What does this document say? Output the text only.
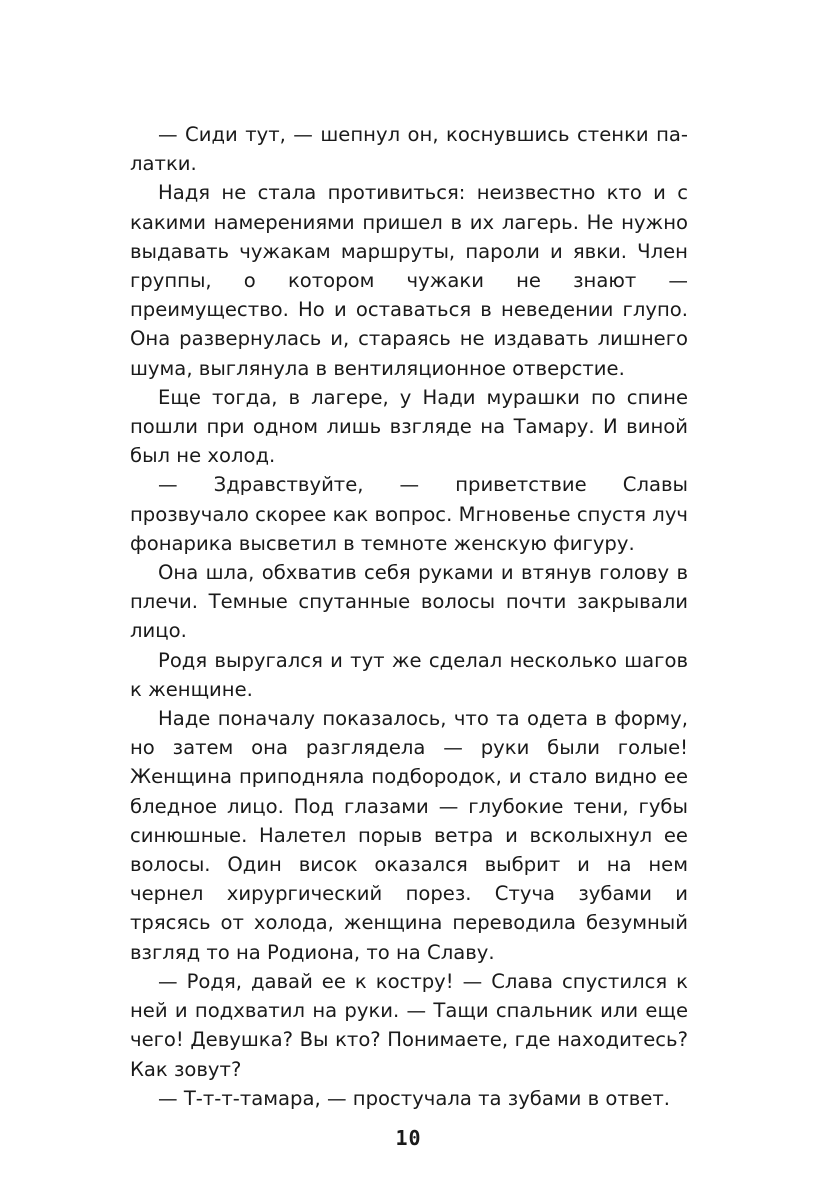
— Сиди тут, — шепнул он, коснувшись стенки палатки.

Надя не стала противиться: неизвестно кто и с какими намерениями пришел в их лагерь. Не нужно выдавать чужакам маршруты, пароли и явки. Член группы, о котором чужаки не знают — преимущество. Но и оставаться в неведении глупо. Она развернулась и, стараясь не издавать лишнего шума, выглянула в вентиляционное отверстие.

Еще тогда, в лагере, у Нади мурашки по спине пошли при одном лишь взгляде на Тамару. И виной был не холод.

— Здравствуйте, — приветствие Славы прозвучало скорее как вопрос. Мгновенье спустя луч фонарика высветил в темноте женскую фигуру.

Она шла, обхватив себя руками и втянув голову в плечи. Темные спутанные волосы почти закрывали лицо.

Родя выругался и тут же сделал несколько шагов к женщине.

Наде поначалу показалось, что та одета в форму, но затем она разглядела — руки были голые! Женщина приподняла подбородок, и стало видно ее бледное лицо. Под глазами — глубокие тени, губы синюшные. Налетел порыв ветра и всколыхнул ее волосы. Один висок оказался выбрит и на нем чернел хирургический порез. Стуча зубами и трясясь от холода, женщина переводила безумный взгляд то на Родиона, то на Славу.

— Родя, давай ее к костру! — Слава спустился к ней и подхватил на руки. — Тащи спальник или еще чего! Девушка? Вы кто? Понимаете, где находитесь? Как зовут?

— Т-т-т-тамара, — простучала та зубами в ответ.

10
